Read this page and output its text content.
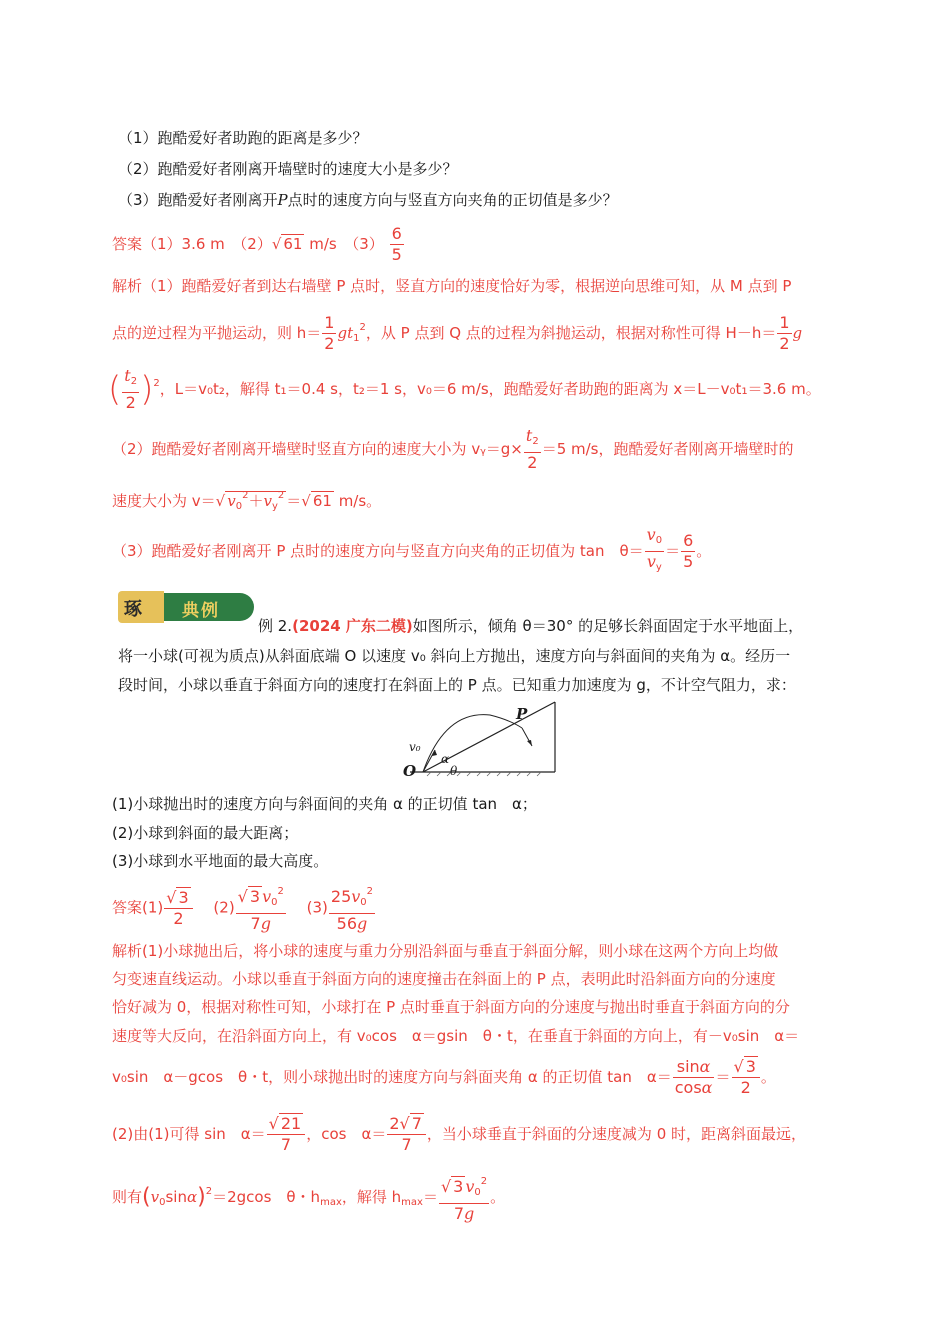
（1）跑酷爱好者助跑的距离是多少？
（2）跑酷爱好者刚离开墙壁时的速度大小是多少？
（3）跑酷爱好者刚离开P点时的速度方向与竖直方向夹角的正切值是多少？
答案（1）3.6 m　（2）√ 61 m/s　$(3) \frac{6}{5}$
解析（1）跑酷爱好者到达右墙壁 P 点时，竖直方向的速度恰好为零，根据逆向思维可知，从 M 点到 P
点的逆过程为平抛运动，则 $h= \frac{1}{2} gt_1^2$，从 P 点到 Q 点的过程为斜抛运动，根据对称性可得 $H-h= \frac{1}{2}$ g
( $\frac{t_2}{2} )^2$，L＝v₀t₂，解得 t₁＝0.4 s，t₂＝1 s，v₀＝6 m/s，跑酷爱好者助跑的距离为 x＝L－v₀t₁＝3.6 m。
（2）跑酷爱好者刚离开墙壁时竖直方向的速度大小为 vᵧ＝g× $\frac{t_2}{2} =5$ m/s，跑酷爱好者刚离开墙壁时的
速度大小为 v＝√ $v_0^2+v_y^2$ ＝√ 61 m/s。
（3）跑酷爱好者刚离开 P 点时的速度方向与竖直方向夹角的正切值为 tan　$\theta= \frac{v_0}{v_y} = \frac{6}{5}$ 。
琢 典例
例 2.(2024 广东二模)如图所示，倾角 θ＝30° 的足够长斜面固定于水平地面上，
将一小球(可视为质点)从斜面底端 O 以速度 v₀ 斜向上方抛出，速度方向与斜面间的夹角为 α。经历一
段时间，小球以垂直于斜面方向的速度打在斜面上的 P 点。已知重力加速度为 g，不计空气阻力，求：
P
O
v₀
α
θ
(1)小球抛出时的速度方向与斜面间的夹角 α 的正切值 tan　α；
(2)小球到斜面的最大距离；
(3)小球到水平地面的最大高度。
答案$(1) \frac{√ 3}{2}$
　 $(2) \frac{√ 3 v_0^2}{7g}$
　 $(3) \frac{25v_0^2}{56g}$
解析(1)小球抛出后，将小球的速度与重力分别沿斜面与垂直于斜面分解，则小球在这两个方向上均做
匀变速直线运动。小球以垂直于斜面方向的速度撞击在斜面上的 P 点，表明此时沿斜面方向的分速度
恰好减为 0，根据对称性可知，小球打在 P 点时垂直于斜面方向的分速度与抛出时垂直于斜面方向的分
速度等大反向，在沿斜面方向上，有 v₀cos　α＝gsin　θ・t，在垂直于斜面的方向上，有－v₀sin　α＝
v₀sin　α－gcos　θ・t，则小球抛出时的速度方向与斜面夹角 α 的正切值 tan　$\alpha= \frac{\sin\alpha}{\cos\alpha} = \frac{√ 3}{2}$ 。
(2)由(1)可得 sin　$\alpha= \frac{√ 21}{7}$ ，cos　$\alpha= \frac{2√ 7}{7}$ ，当小球垂直于斜面的分速度减为 0 时，距离斜面最远，
则有$(v_0\sin\alpha)^2=2gcos$　θ・$h_{max}$，解得 $h_{max}= \frac{√ 3 v_0^2}{7g}$ 。
